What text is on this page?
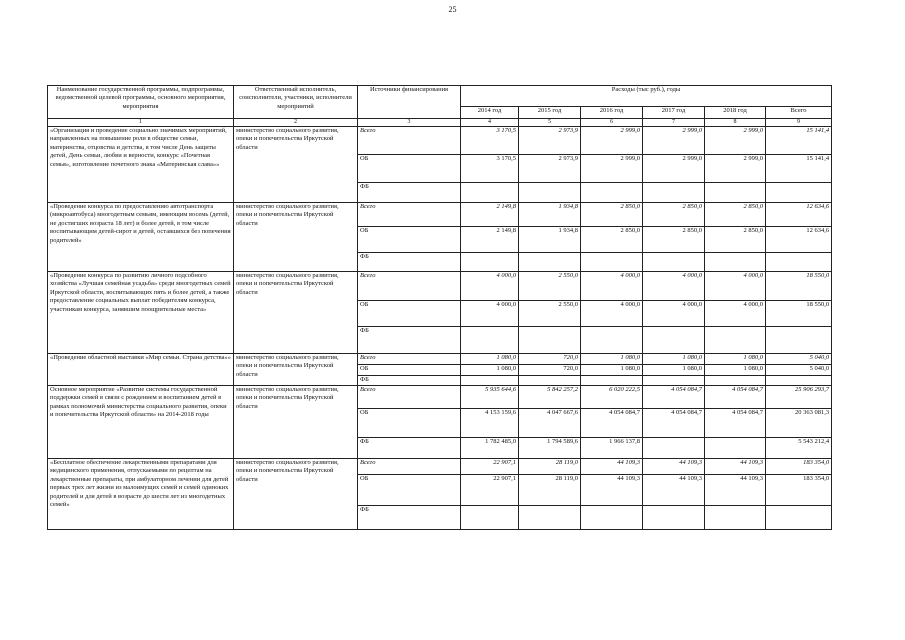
25
Наименование государственной программы, подпрограммы, ведомственной целевой программы, основного мероприятия, мероприятия	Ответственный исполнитель, соисполнители, участники, исполнители мероприятий	Источники финансирования	Расходы (тыс руб.), годы					
			2014 год	2015 год	2016 год	2017 год	2018 год	Всего
1	2	3	4	5	6	7	8	9
«Организация и проведение социально значимых мероприятий, направленных на повышение роли в обществе семьи, материнства, отцовства и детства, в том числе День защиты детей, День семьи, любви и верности, конкурс «Почетная семья», изготовление почетного знака «Материнская слава»»	министерство социального развития, опеки и попечительства Иркутской области	Всего	3 170,5	2 973,9	2 999,0	2 999,0	2 999,0	15 141,4
		ОБ	3 170,5	2 973,9	2 999,0	2 999,0	2 999,0	15 141,4
		ФБ						
«Проведение конкурса по предоставлению автотранспорта (микроавтобуса) многодетным семьям, имеющим восемь (детей, не достигших возраста 18 лет) и более детей, в том числе воспитывающим детей-сирот и детей, оставшихся без попечения родителей»	министерство социального развития, опеки и попечительства Иркутской области	Всего	2 149,8	1 934,8	2 850,0	2 850,0	2 850,0	12 634,6
		ОБ	2 149,8	1 934,8	2 850,0	2 850,0	2 850,0	12 634,6
		ФБ						
«Проведение конкурса по развитию личного подсобного хозяйства «Лучшая семейная усадьба» среди многодетных семей Иркутской области, воспитывающих пять и более детей, а также предоставление социальных выплат победителям конкурса, участникам конкурса, занявшим поощрительные места»	министерство социального развития, опеки и попечительства Иркутской области	Всего	4 000,0	2 550,0	4 000,0	4 000,0	4 000,0	18 550,0
		ОБ	4 000,0	2 550,0	4 000,0	4 000,0	4 000,0	18 550,0
		ФБ						
«Проведение областной выставки «Мир семьи. Страна детства»»	министерство социального развития, опеки и попечительства Иркутской области	Всего	1 080,0	720,0	1 080,0	1 080,0	1 080,0	5 040,0
		ОБ	1 080,0	720,0	1 080,0	1 080,0	1 080,0	5 040,0
		ФБ						
Основное мероприятие «Развитие системы государственной поддержки семей в связи с рождением и воспитанием детей в рамках полномочий министерства социального развития, опеки и попечительства Иркутской области» на 2014-2018 годы	министерство социального развития, опеки и попечительства Иркутской области	Всего	5 935 644,6	5 842 257,2	6 020 222,5	4 054 084,7	4 054 084,7	25 906 293,7
		ОБ	4 153 159,6	4 047 667,6	4 054 084,7	4 054 084,7	4 054 084,7	20 363 081,3
		ФБ	1 782 485,0	1 794 589,6	1 966 137,8			5 543 212,4
«Бесплатное обеспечение лекарственными препаратами для медицинского применения, отпускаемыми по рецептам на лекарственные препараты, при амбулаторном лечении для детей первых трех лет жизни из малоимущих семей и семей одиноких родителей и для детей в возрасте до шести лет из многодетных семей»	министерство социального развития, опеки и попечительства Иркутской области	Всего	22 907,1	28 119,0	44 109,3	44 109,3	44 109,3	183 354,0
		ОБ	22 907,1	28 119,0	44 109,3	44 109,3	44 109,3	183 354,0
		ФБ						
